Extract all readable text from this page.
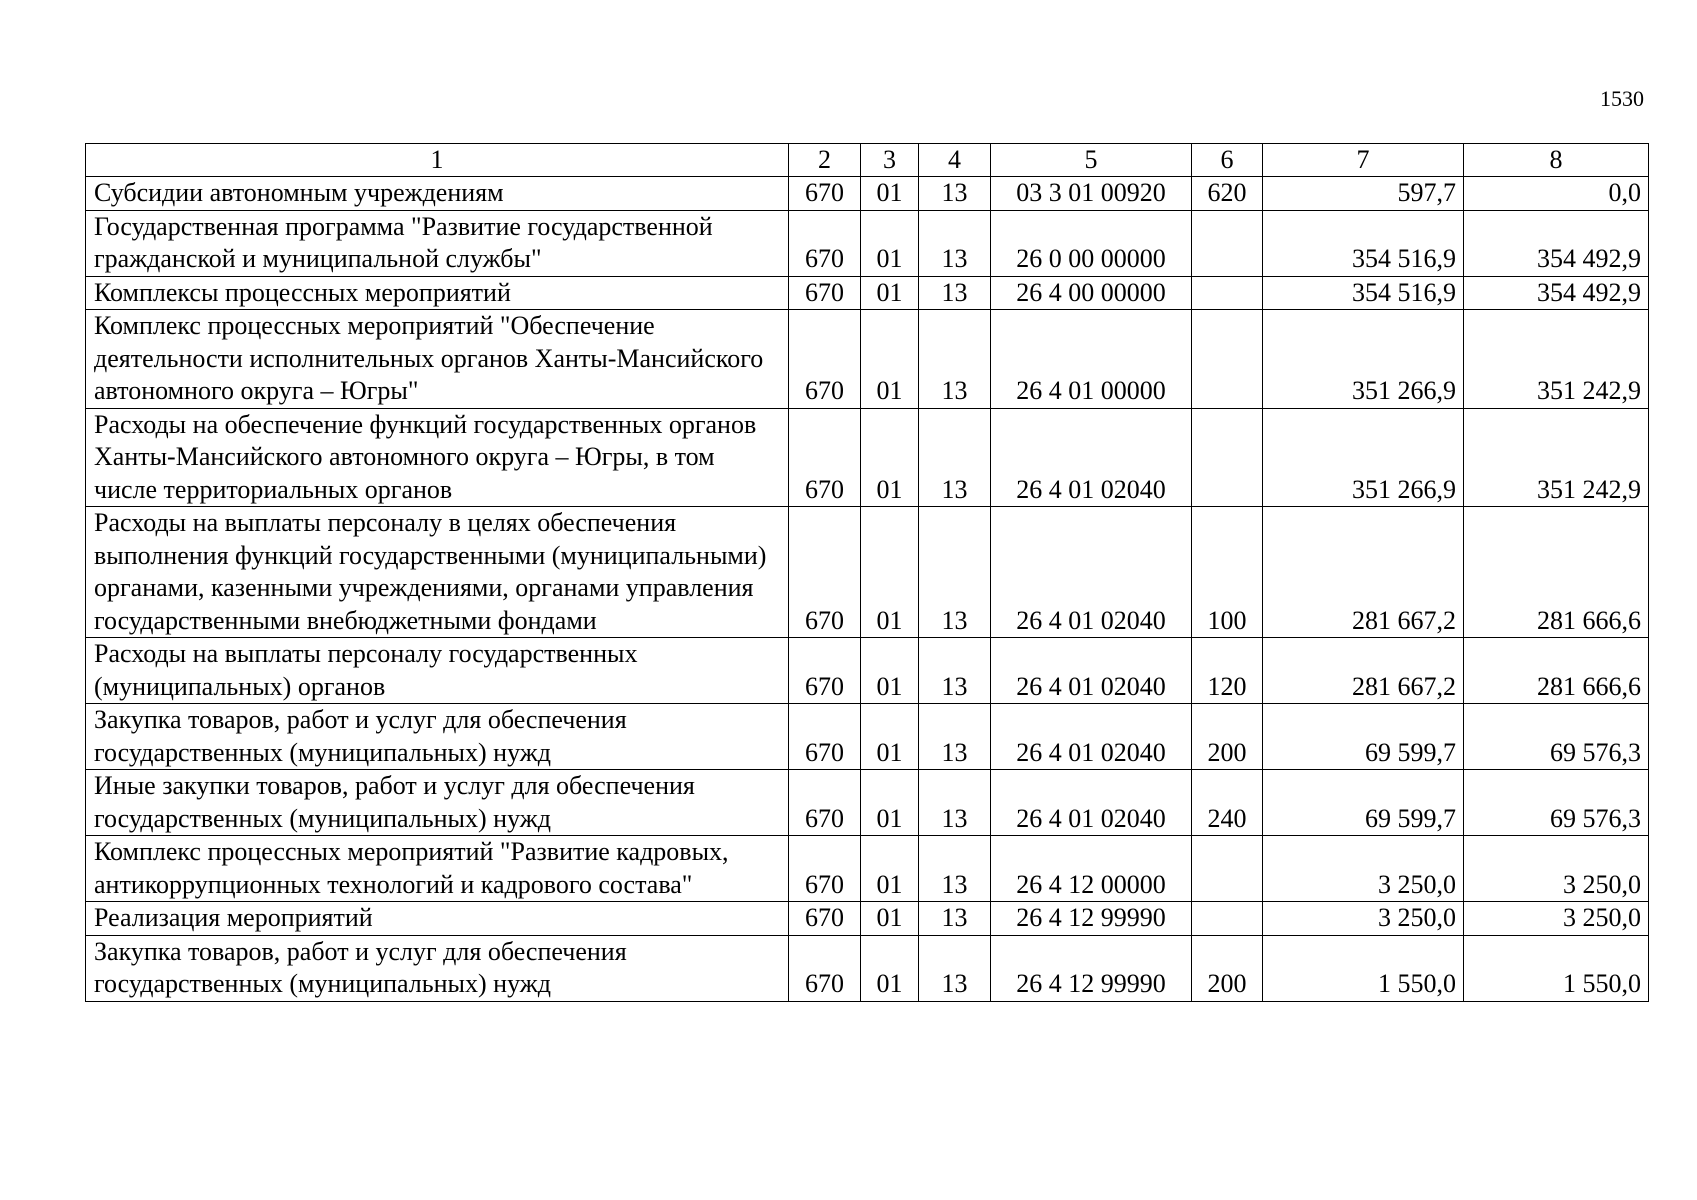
1530
1	2	3	4	5	6	7	8
Субсидии автономным учреждениям	670	01	13	03 3 01 00920	620	597,7	0,0
Государственная программа "Развитие государственной гражданской и муниципальной службы"	670	01	13	26 0 00 00000		354 516,9	354 492,9
Комплексы процессных мероприятий	670	01	13	26 4 00 00000		354 516,9	354 492,9
Комплекс процессных мероприятий "Обеспечение деятельности исполнительных органов Ханты-Мансийского автономного округа – Югры"	670	01	13	26 4 01 00000		351 266,9	351 242,9
Расходы на обеспечение функций государственных органов Ханты-Мансийского автономного округа – Югры, в том числе территориальных органов	670	01	13	26 4 01 02040		351 266,9	351 242,9
Расходы на выплаты персоналу в целях обеспечения выполнения функций государственными (муниципальными) органами, казенными учреждениями, органами управления государственными внебюджетными фондами	670	01	13	26 4 01 02040	100	281 667,2	281 666,6
Расходы на выплаты персоналу государственных (муниципальных) органов	670	01	13	26 4 01 02040	120	281 667,2	281 666,6
Закупка товаров, работ и услуг для обеспечения государственных (муниципальных) нужд	670	01	13	26 4 01 02040	200	69 599,7	69 576,3
Иные закупки товаров, работ и услуг для обеспечения государственных (муниципальных) нужд	670	01	13	26 4 01 02040	240	69 599,7	69 576,3
Комплекс процессных мероприятий "Развитие кадровых, антикоррупционных технологий и кадрового состава"	670	01	13	26 4 12 00000		3 250,0	3 250,0
Реализация мероприятий	670	01	13	26 4 12 99990		3 250,0	3 250,0
Закупка товаров, работ и услуг для обеспечения государственных (муниципальных) нужд	670	01	13	26 4 12 99990	200	1 550,0	1 550,0
